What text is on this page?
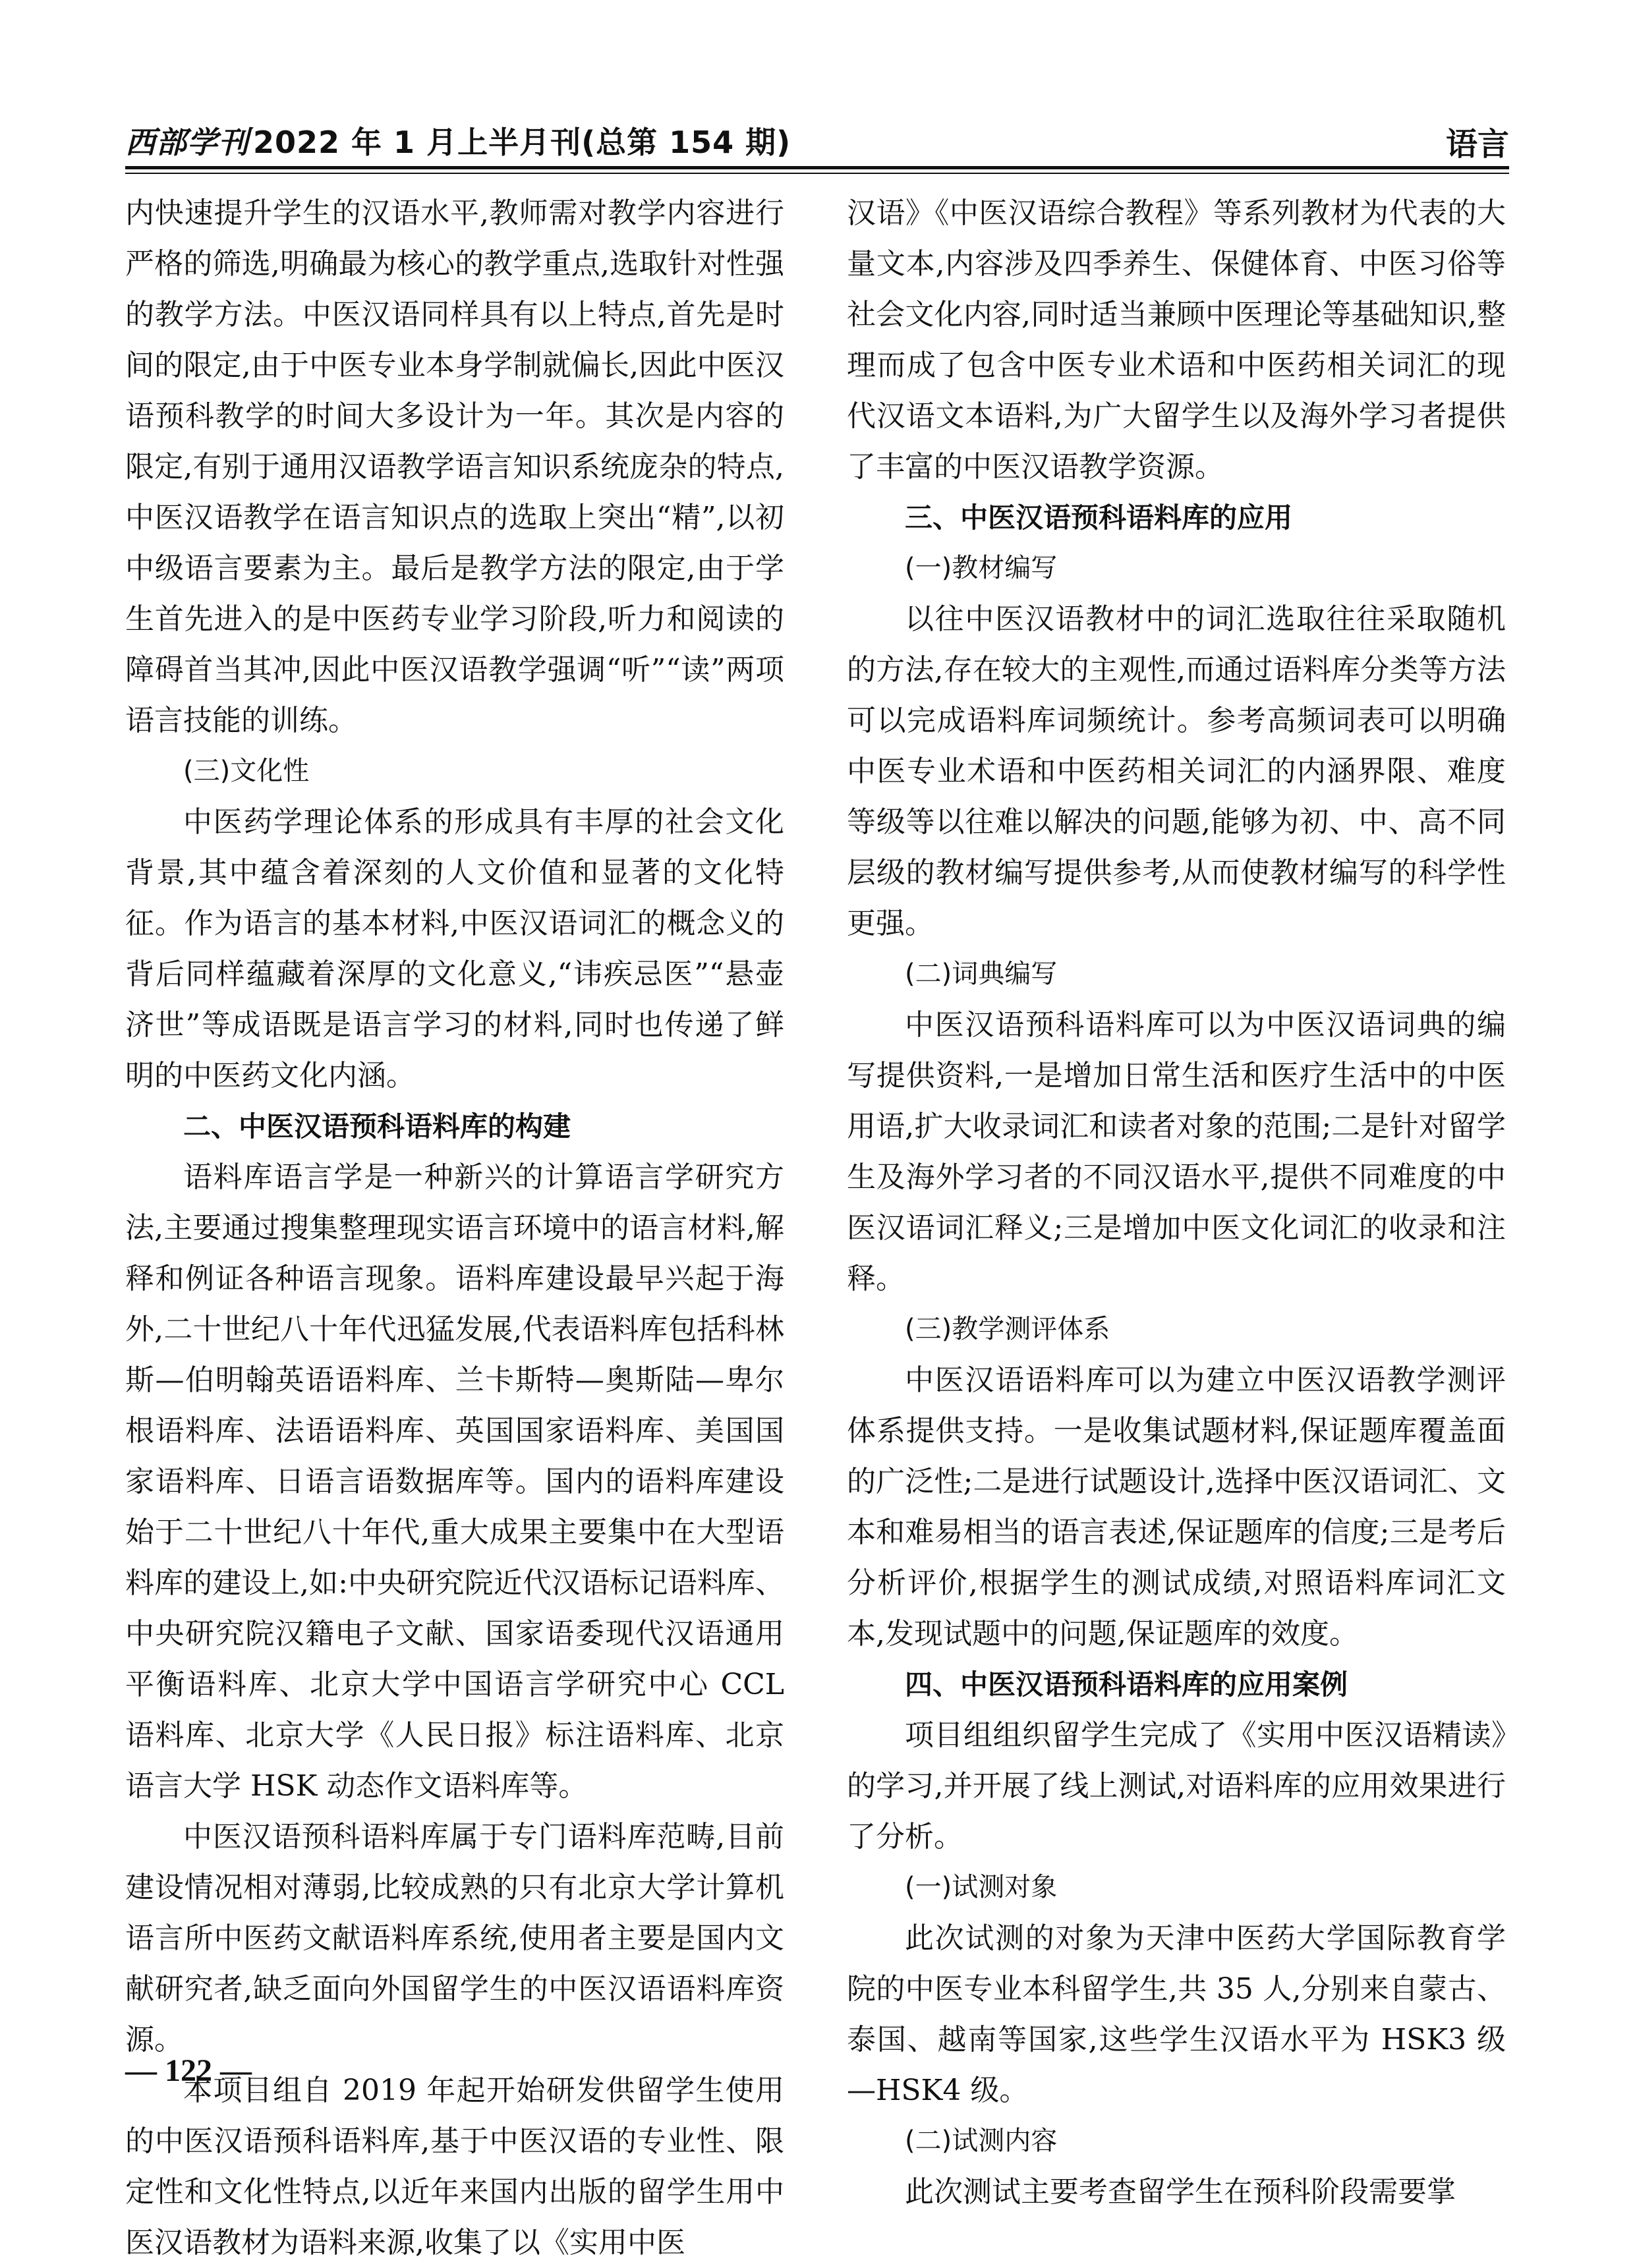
西部学刊 2022 年 1 月上半月刊(总第 154 期)	语言

内快速提升学生的汉语水平,教师需对教学内容进行严格的筛选,明确最为核心的教学重点,选取针对性强的教学方法。中医汉语同样具有以上特点,首先是时间的限定,由于中医专业本身学制就偏长,因此中医汉语预科教学的时间大多设计为一年。其次是内容的限定,有别于通用汉语教学语言知识系统庞杂的特点,中医汉语教学在语言知识点的选取上突出“精”,以初中级语言要素为主。最后是教学方法的限定,由于学生首先进入的是中医药专业学习阶段,听力和阅读的障碍首当其冲,因此中医汉语教学强调“听”“读”两项语言技能的训练。

(三)文化性

中医药学理论体系的形成具有丰厚的社会文化背景,其中蕴含着深刻的人文价值和显著的文化特征。作为语言的基本材料,中医汉语词汇的概念义的背后同样蕴藏着深厚的文化意义,“讳疾忌医”“悬壶济世”等成语既是语言学习的材料,同时也传递了鲜明的中医药文化内涵。

二、中医汉语预科语料库的构建

语料库语言学是一种新兴的计算语言学研究方法,主要通过搜集整理现实语言环境中的语言材料,解释和例证各种语言现象。语料库建设最早兴起于海外,二十世纪八十年代迅猛发展,代表语料库包括科林斯—伯明翰英语语料库、兰卡斯特—奥斯陆—卑尔根语料库、法语语料库、英国国家语料库、美国国家语料库、日语言语数据库等。国内的语料库建设始于二十世纪八十年代,重大成果主要集中在大型语料库的建设上,如:中央研究院近代汉语标记语料库、中央研究院汉籍电子文献、国家语委现代汉语通用平衡语料库、北京大学中国语言学研究中心 CCL 语料库、北京大学《人民日报》标注语料库、北京语言大学 HSK 动态作文语料库等。

中医汉语预科语料库属于专门语料库范畴,目前建设情况相对薄弱,比较成熟的只有北京大学计算机语言所中医药文献语料库系统,使用者主要是国内文献研究者,缺乏面向外国留学生的中医汉语语料库资源。

本项目组自 2019 年起开始研发供留学生使用的中医汉语预科语料库,基于中医汉语的专业性、限定性和文化性特点,以近年来国内出版的留学生用中医汉语教材为语料来源,收集了以《实用中医

汉语》《中医汉语综合教程》等系列教材为代表的大量文本,内容涉及四季养生、保健体育、中医习俗等社会文化内容,同时适当兼顾中医理论等基础知识,整理而成了包含中医专业术语和中医药相关词汇的现代汉语文本语料,为广大留学生以及海外学习者提供了丰富的中医汉语教学资源。

三、中医汉语预科语料库的应用

(一)教材编写

以往中医汉语教材中的词汇选取往往采取随机的方法,存在较大的主观性,而通过语料库分类等方法可以完成语料库词频统计。参考高频词表可以明确中医专业术语和中医药相关词汇的内涵界限、难度等级等以往难以解决的问题,能够为初、中、高不同层级的教材编写提供参考,从而使教材编写的科学性更强。

(二)词典编写

中医汉语预科语料库可以为中医汉语词典的编写提供资料,一是增加日常生活和医疗生活中的中医用语,扩大收录词汇和读者对象的范围;二是针对留学生及海外学习者的不同汉语水平,提供不同难度的中医汉语词汇释义;三是增加中医文化词汇的收录和注释。

(三)教学测评体系

中医汉语语料库可以为建立中医汉语教学测评体系提供支持。一是收集试题材料,保证题库覆盖面的广泛性;二是进行试题设计,选择中医汉语词汇、文本和难易相当的语言表述,保证题库的信度;三是考后分析评价,根据学生的测试成绩,对照语料库词汇文本,发现试题中的问题,保证题库的效度。

四、中医汉语预科语料库的应用案例

项目组组织留学生完成了《实用中医汉语精读》的学习,并开展了线上测试,对语料库的应用效果进行了分析。

(一)试测对象

此次试测的对象为天津中医药大学国际教育学院的中医专业本科留学生,共 35 人,分别来自蒙古、泰国、越南等国家,这些学生汉语水平为 HSK3 级—HSK4 级。

(二)试测内容

此次测试主要考查留学生在预科阶段需要掌

— 122 —
